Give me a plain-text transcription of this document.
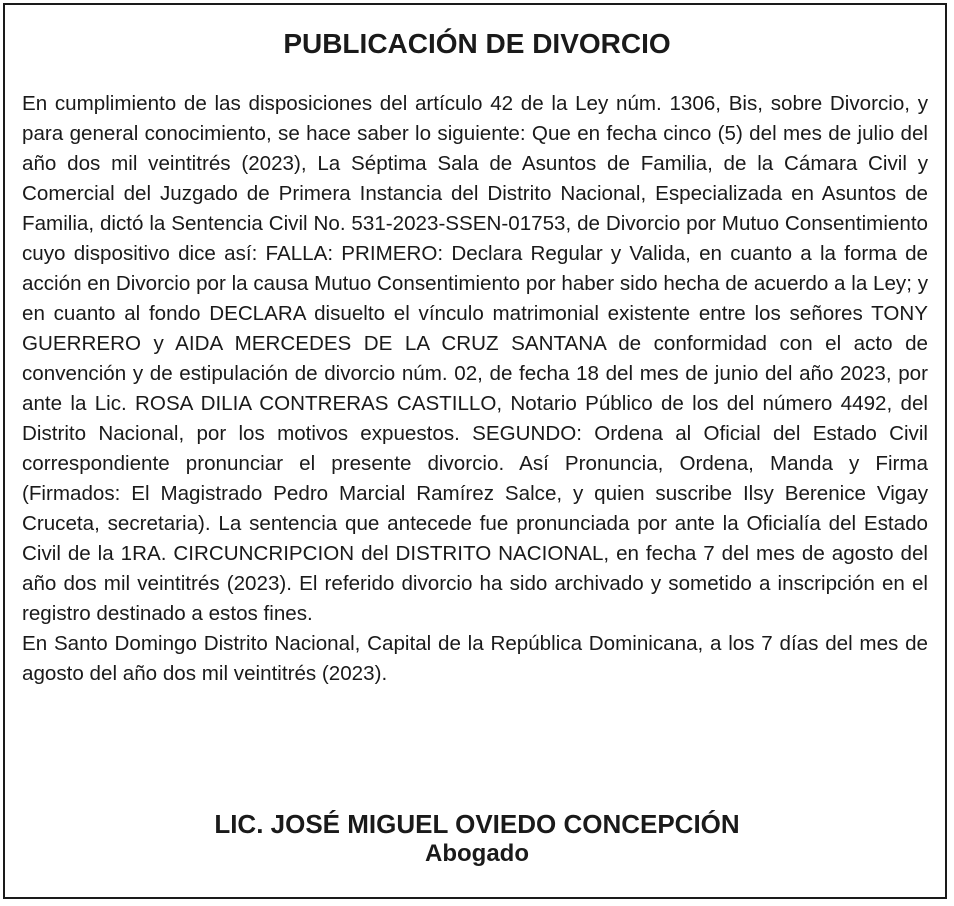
PUBLICACIÓN DE DIVORCIO

En cumplimiento de las disposiciones del artículo 42 de la Ley núm. 1306, Bis, sobre Divorcio, y para general conocimiento, se hace saber lo siguiente: Que en fecha cinco (5) del mes de julio del año dos mil veintitrés (2023), La Séptima Sala de Asuntos de Familia, de la Cámara Civil y Comercial del Juzgado de Primera Instancia del Distrito Nacional, Especializada en Asuntos de Familia, dictó la Sentencia Civil No. 531-2023-SSEN-01753, de Divorcio por Mutuo Consentimiento cuyo dispositivo dice así: FALLA: PRIMERO: Declara Regular y Valida, en cuanto a la forma de acción en Divorcio por la causa Mutuo Consentimiento por haber sido hecha de acuerdo a la Ley; y en cuanto al fondo DECLARA disuelto el vínculo matrimonial existente entre los señores TONY GUERRERO y AIDA MERCEDES DE LA CRUZ SANTANA de conformidad con el acto de convención y de estipulación de divorcio núm. 02, de fecha 18 del mes de junio del año 2023, por ante la Lic. ROSA DILIA CONTRERAS CASTILLO, Notario Público de los del número 4492, del Distrito Nacional, por los motivos expuestos. SEGUNDO: Ordena al Oficial del Estado Civil correspondiente pronunciar el presente divorcio. Así Pronuncia, Ordena, Manda y Firma (Firmados: El Magistrado Pedro Marcial Ramírez Salce, y quien suscribe Ilsy Berenice Vigay Cruceta, secretaria). La sentencia que antecede fue pronunciada por ante la Oficialía del Estado Civil de la 1RA. CIRCUNCRIPCION del DISTRITO NACIONAL, en fecha 7 del mes de agosto del año dos mil veintitrés (2023). El referido divorcio ha sido archivado y sometido a inscripción en el registro destinado a estos fines.

En Santo Domingo Distrito Nacional, Capital de la República Dominicana, a los 7 días del mes de agosto del año dos mil veintitrés (2023).

LIC. JOSÉ MIGUEL OVIEDO CONCEPCIÓN
Abogado
